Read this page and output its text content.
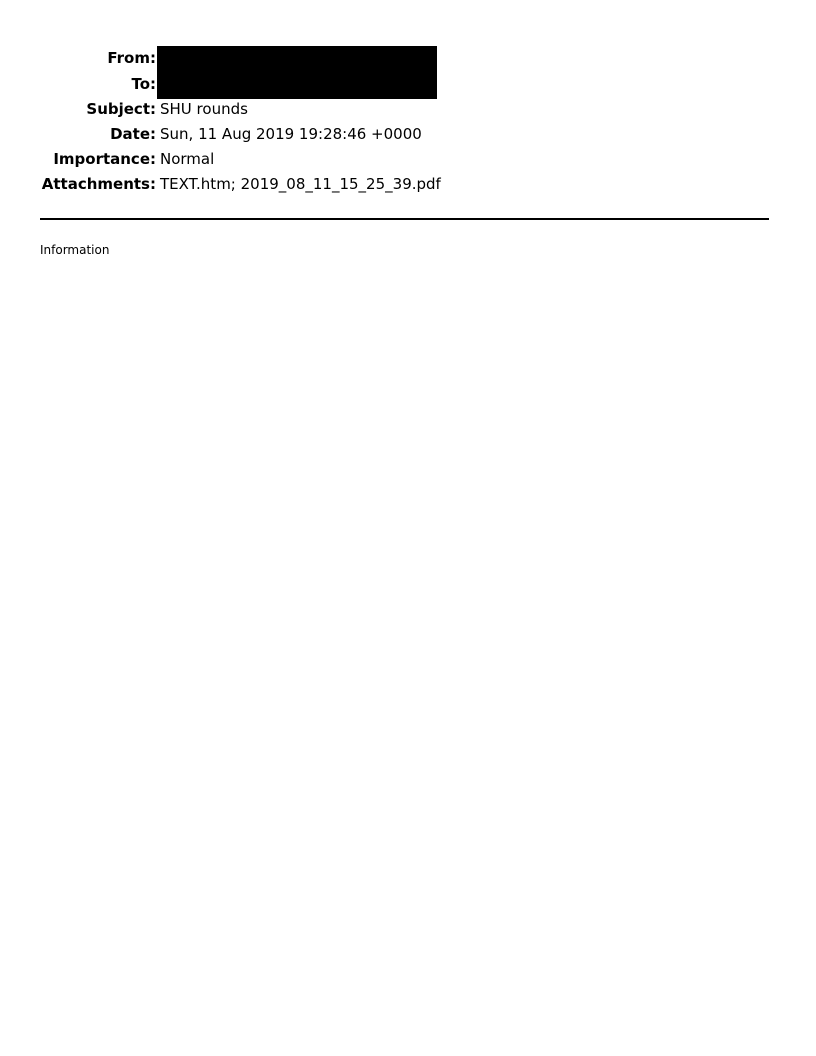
From:
To:
Subject: SHU rounds
Date: Sun, 11 Aug 2019 19:28:46 +0000
Importance: Normal
Attachments: TEXT.htm; 2019_08_11_15_25_39.pdf
Information
